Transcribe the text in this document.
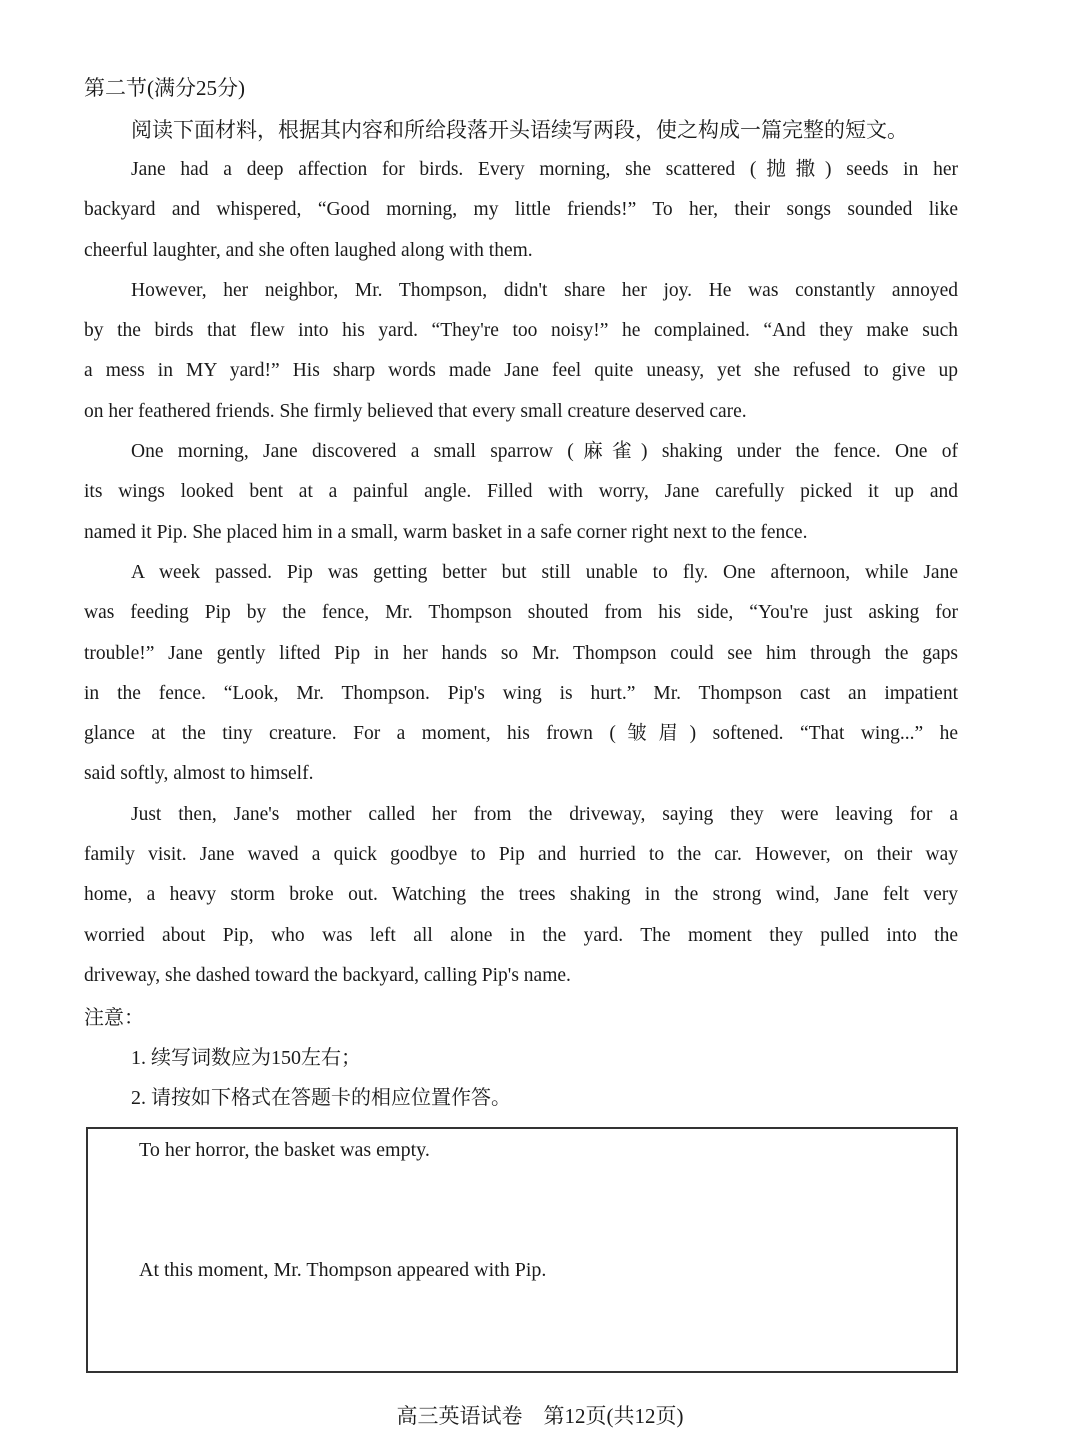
第二节(满分25分)
阅读下面材料，根据其内容和所给段落开头语续写两段，使之构成一篇完整的短文。
Jane had a deep affection for birds. Every morning, she scattered (抛撒) seeds in her
backyard and whispered, “Good morning, my little friends!” To her, their songs sounded like
cheerful laughter, and she often laughed along with them.
However, her neighbor, Mr. Thompson, didn't share her joy. He was constantly annoyed
by the birds that flew into his yard. “They're too noisy!” he complained. “And they make such
a mess in MY yard!” His sharp words made Jane feel quite uneasy, yet she refused to give up
on her feathered friends. She firmly believed that every small creature deserved care.
One morning, Jane discovered a small sparrow (麻雀) shaking under the fence. One of
its wings looked bent at a painful angle. Filled with worry, Jane carefully picked it up and
named it Pip. She placed him in a small, warm basket in a safe corner right next to the fence.
A week passed. Pip was getting better but still unable to fly. One afternoon, while Jane
was feeding Pip by the fence, Mr. Thompson shouted from his side, “You're just asking for
trouble!” Jane gently lifted Pip in her hands so Mr. Thompson could see him through the gaps
in the fence. “Look, Mr. Thompson. Pip's wing is hurt.” Mr. Thompson cast an impatient
glance at the tiny creature. For a moment, his frown (皱眉) softened. “That wing...” he
said softly, almost to himself.
Just then, Jane's mother called her from the driveway, saying they were leaving for a
family visit. Jane waved a quick goodbye to Pip and hurried to the car. However, on their way
home, a heavy storm broke out. Watching the trees shaking in the strong wind, Jane felt very
worried about Pip, who was left all alone in the yard. The moment they pulled into the
driveway, she dashed toward the backyard, calling Pip's name.
注意：
1. 续写词数应为150左右；
2. 请按如下格式在答题卡的相应位置作答。
To her horror, the basket was empty.
At this moment, Mr. Thompson appeared with Pip.
高三英语试卷　第12页(共12页)
